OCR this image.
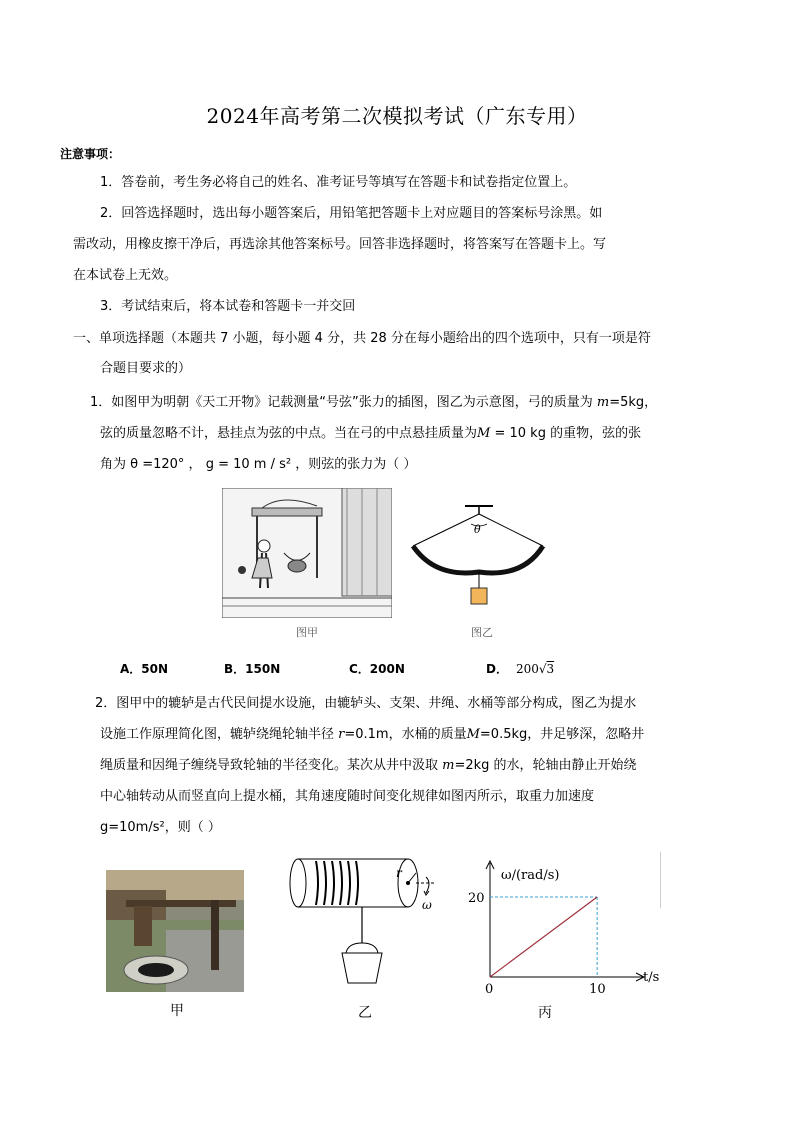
2024年高考第二次模拟考试（广东专用）
注意事项：
1．答卷前，考生务必将自己的姓名、准考证号等填写在答题卡和试卷指定位置上。
2．回答选择题时，选出每小题答案后，用铅笔把答题卡上对应题目的答案标号涂黑。如
需改动，用橡皮擦干净后，再选涂其他答案标号。回答非选择题时，将答案写在答题卡上。写
在本试卷上无效。
3．考试结束后，将本试卷和答题卡一并交回
一、单项选择题（本题共 7 小题，每小题 4 分，共 28 分在每小题给出的四个选项中，只有一项是符
合题目要求的）
1．如图甲为明朝《天工开物》记载测量“号弦”张力的插图，图乙为示意图，弓的质量为 m=5kg，
弦的质量忽略不计，悬挂点为弦的中点。当在弓的中点悬挂质量为M = 10 kg 的重物，弦的张
角为 θ =120° ， g = 10 m / s² ，则弦的张力为（ ）
图甲
θ
图乙
A．50N	B．150N	C．200N	D． 200√3
2．图甲中的辘轳是古代民间提水设施，由辘轳头、支架、井绳、水桶等部分构成，图乙为提水
设施工作原理简化图，辘轳绕绳轮轴半径 r=0.1m，水桶的质量M=0.5kg，井足够深，忽略井
绳质量和因绳子缠绕导致轮轴的半径变化。某次从井中汲取 m=2kg 的水，轮轴由静止开始绕
中心轴转动从而竖直向上提水桶，其角速度随时间变化规律如图丙所示，取重力加速度
g=10m/s²，则（ ）
甲
r
ω
乙
ω/(rad/s)
t/s
0
20
10
丙
